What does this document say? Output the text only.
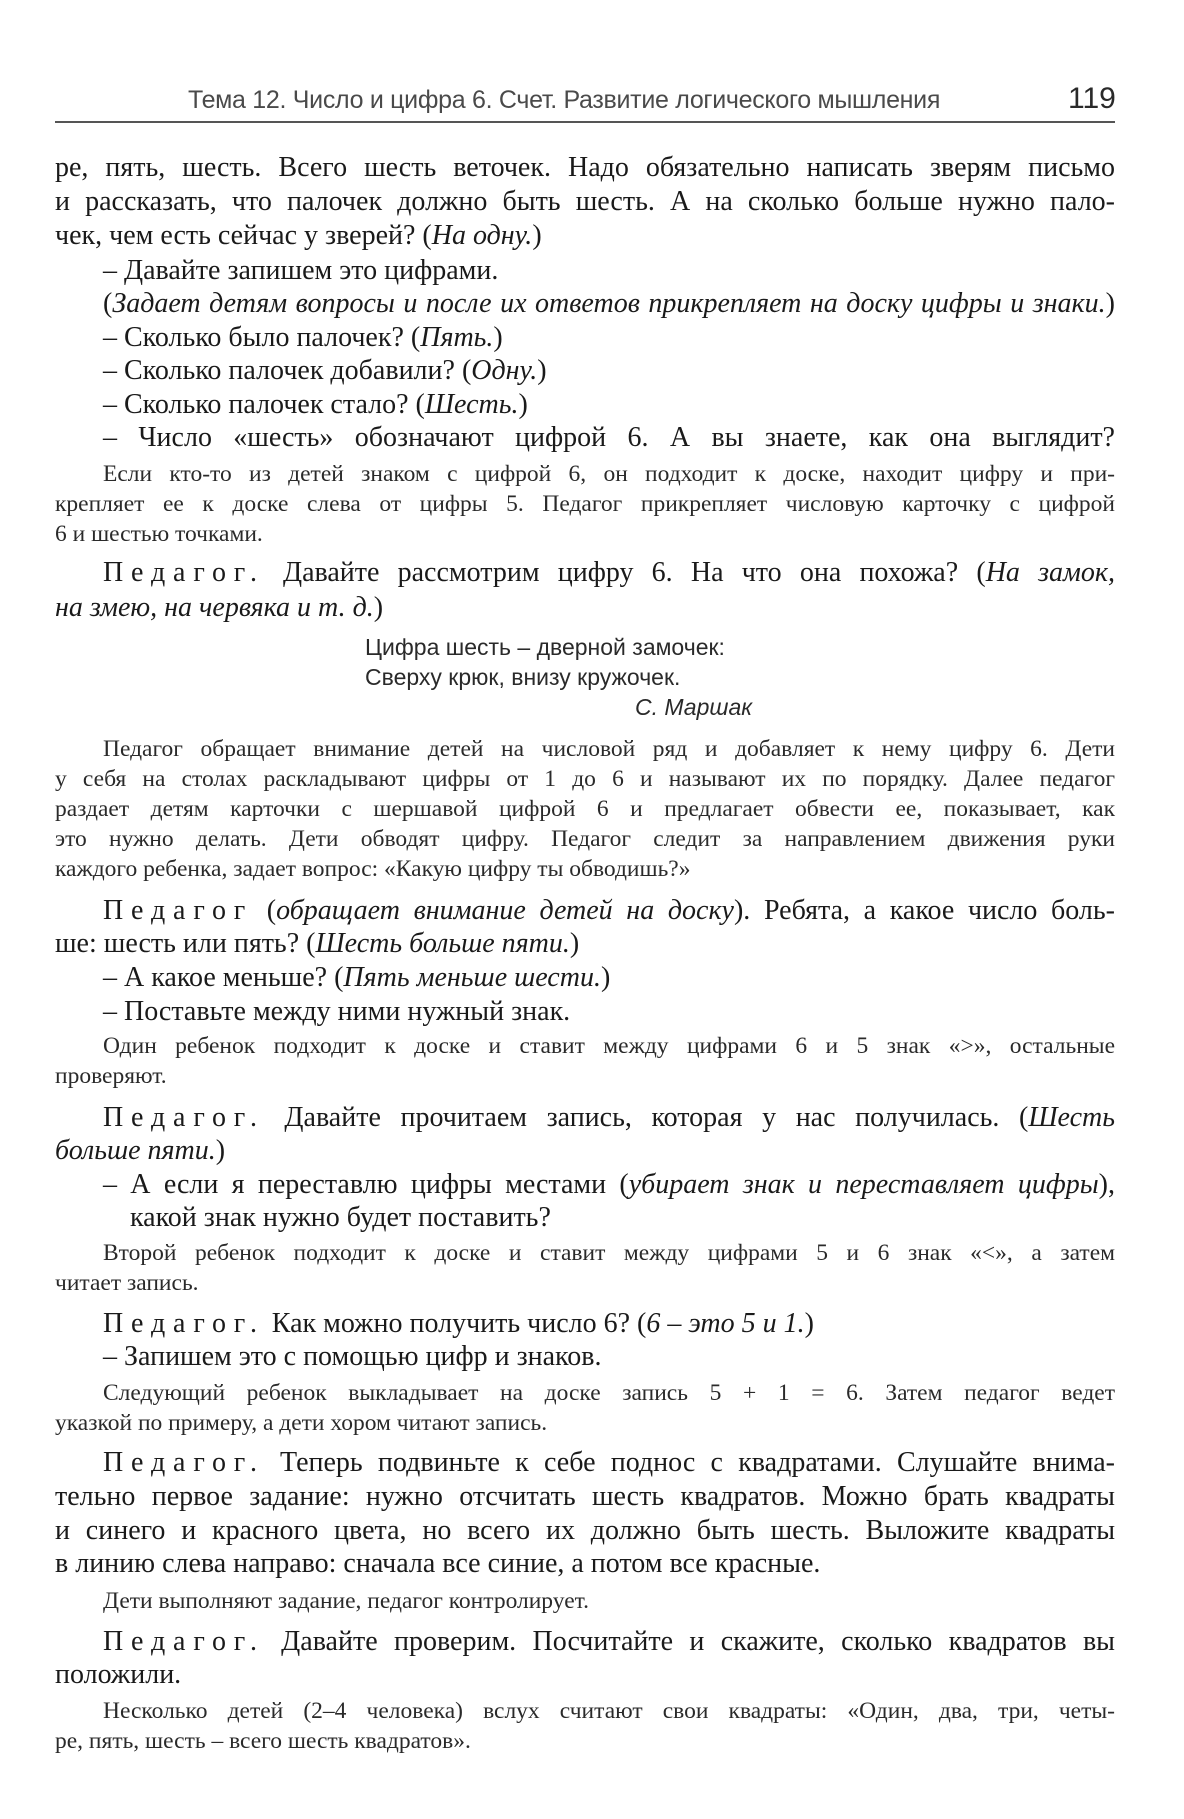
Тема 12. Число и цифра 6. Счет. Развитие логического мышления	119
ре, пять, шесть. Всего шесть веточек. Надо обязательно написать зверям письмо
и рассказать, что палочек должно быть шесть. А на сколько больше нужно пало-
чек, чем есть сейчас у зверей? (На одну.)
– Давайте запишем это цифрами.
(Задает детям вопросы и после их ответов прикрепляет на доску цифры и знаки.)
– Сколько было палочек? (Пять.)
– Сколько палочек добавили? (Одну.)
– Сколько палочек стало? (Шесть.)
– Число «шесть» обозначают цифрой 6. А вы знаете, как она выглядит?
Если кто-то из детей знаком с цифрой 6, он подходит к доске, находит цифру и при-
крепляет ее к доске слева от цифры 5. Педагог прикрепляет числовую карточку с цифрой
6 и шестью точками.
Педагог. Давайте рассмотрим цифру 6. На что она похожа? (На замок,
на змею, на червяка и т. д.)
Цифра шесть – дверной замочек:
Сверху крюк, внизу кружочек.
С. Маршак
Педагог обращает внимание детей на числовой ряд и добавляет к нему цифру 6. Дети
у себя на столах раскладывают цифры от 1 до 6 и называют их по порядку. Далее педагог
раздает детям карточки с шершавой цифрой 6 и предлагает обвести ее, показывает, как
это нужно делать. Дети обводят цифру. Педагог следит за направлением движения руки
каждого ребенка, задает вопрос: «Какую цифру ты обводишь?»
Педагог (обращает внимание детей на доску). Ребята, а какое число боль-
ше: шесть или пять? (Шесть больше пяти.)
– А какое меньше? (Пять меньше шести.)
– Поставьте между ними нужный знак.
Один ребенок подходит к доске и ставит между цифрами 6 и 5 знак «>», остальные
проверяют.
Педагог. Давайте прочитаем запись, которая у нас получилась. (Шесть
больше пяти.)
– А если я переставлю цифры местами (убирает знак и переставляет цифры),
какой знак нужно будет поставить?
Второй ребенок подходит к доске и ставит между цифрами 5 и 6 знак «<», а затем
читает запись.
Педагог. Как можно получить число 6? (6 – это 5 и 1.)
– Запишем это с помощью цифр и знаков.
Следующий ребенок выкладывает на доске запись 5 + 1 = 6. Затем педагог ведет
указкой по примеру, а дети хором читают запись.
Педагог. Теперь подвиньте к себе поднос с квадратами. Слушайте внима-
тельно первое задание: нужно отсчитать шесть квадратов. Можно брать квадраты
и синего и красного цвета, но всего их должно быть шесть. Выложите квадраты
в линию слева направо: сначала все синие, а потом все красные.
Дети выполняют задание, педагог контролирует.
Педагог. Давайте проверим. Посчитайте и скажите, сколько квадратов вы
положили.
Несколько детей (2–4 человека) вслух считают свои квадраты: «Один, два, три, четы-
ре, пять, шесть – всего шесть квадратов».
